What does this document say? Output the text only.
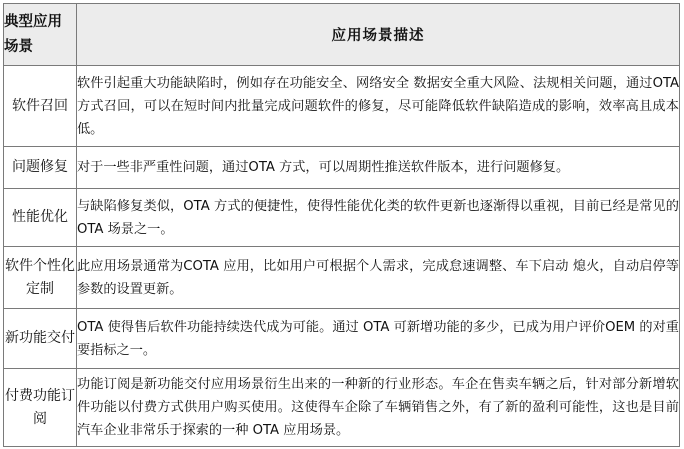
典型应用场景	应用场景描述
软件召回	软件引起重大功能缺陷时，例如存在功能安全、网络安全 数据安全重大风险、法规相关问题，通过OTA 方式召回，可以在短时间内批量完成问题软件的修复，尽可能降低软件缺陷造成的影响，效率高且成本低。
问题修复	对于一些非严重性问题，通过OTA 方式，可以周期性推送软件版本，进行问题修复。
性能优化	与缺陷修复类似，OTA 方式的便捷性，使得性能优化类的软件更新也逐渐得以重视，目前已经是常见的OTA 场景之一。
软件个性化定制	此应用场景通常为COTA 应用，比如用户可根据个人需求，完成怠速调整、车下启动 熄火，自动启停等参数的设置更新。
新功能交付	OTA 使得售后软件功能持续迭代成为可能。通过 OTA 可新增功能的多少，已成为用户评价OEM 的对重要指标之一。
付费功能订阅	功能订阅是新功能交付应用场景衍生出来的一种新的行业形态。车企在售卖车辆之后，针对部分新增软件功能以付费方式供用户购买使用。这使得车企除了车辆销售之外，有了新的盈利可能性，这也是目前汽车企业非常乐于探索的一种 OTA 应用场景。
